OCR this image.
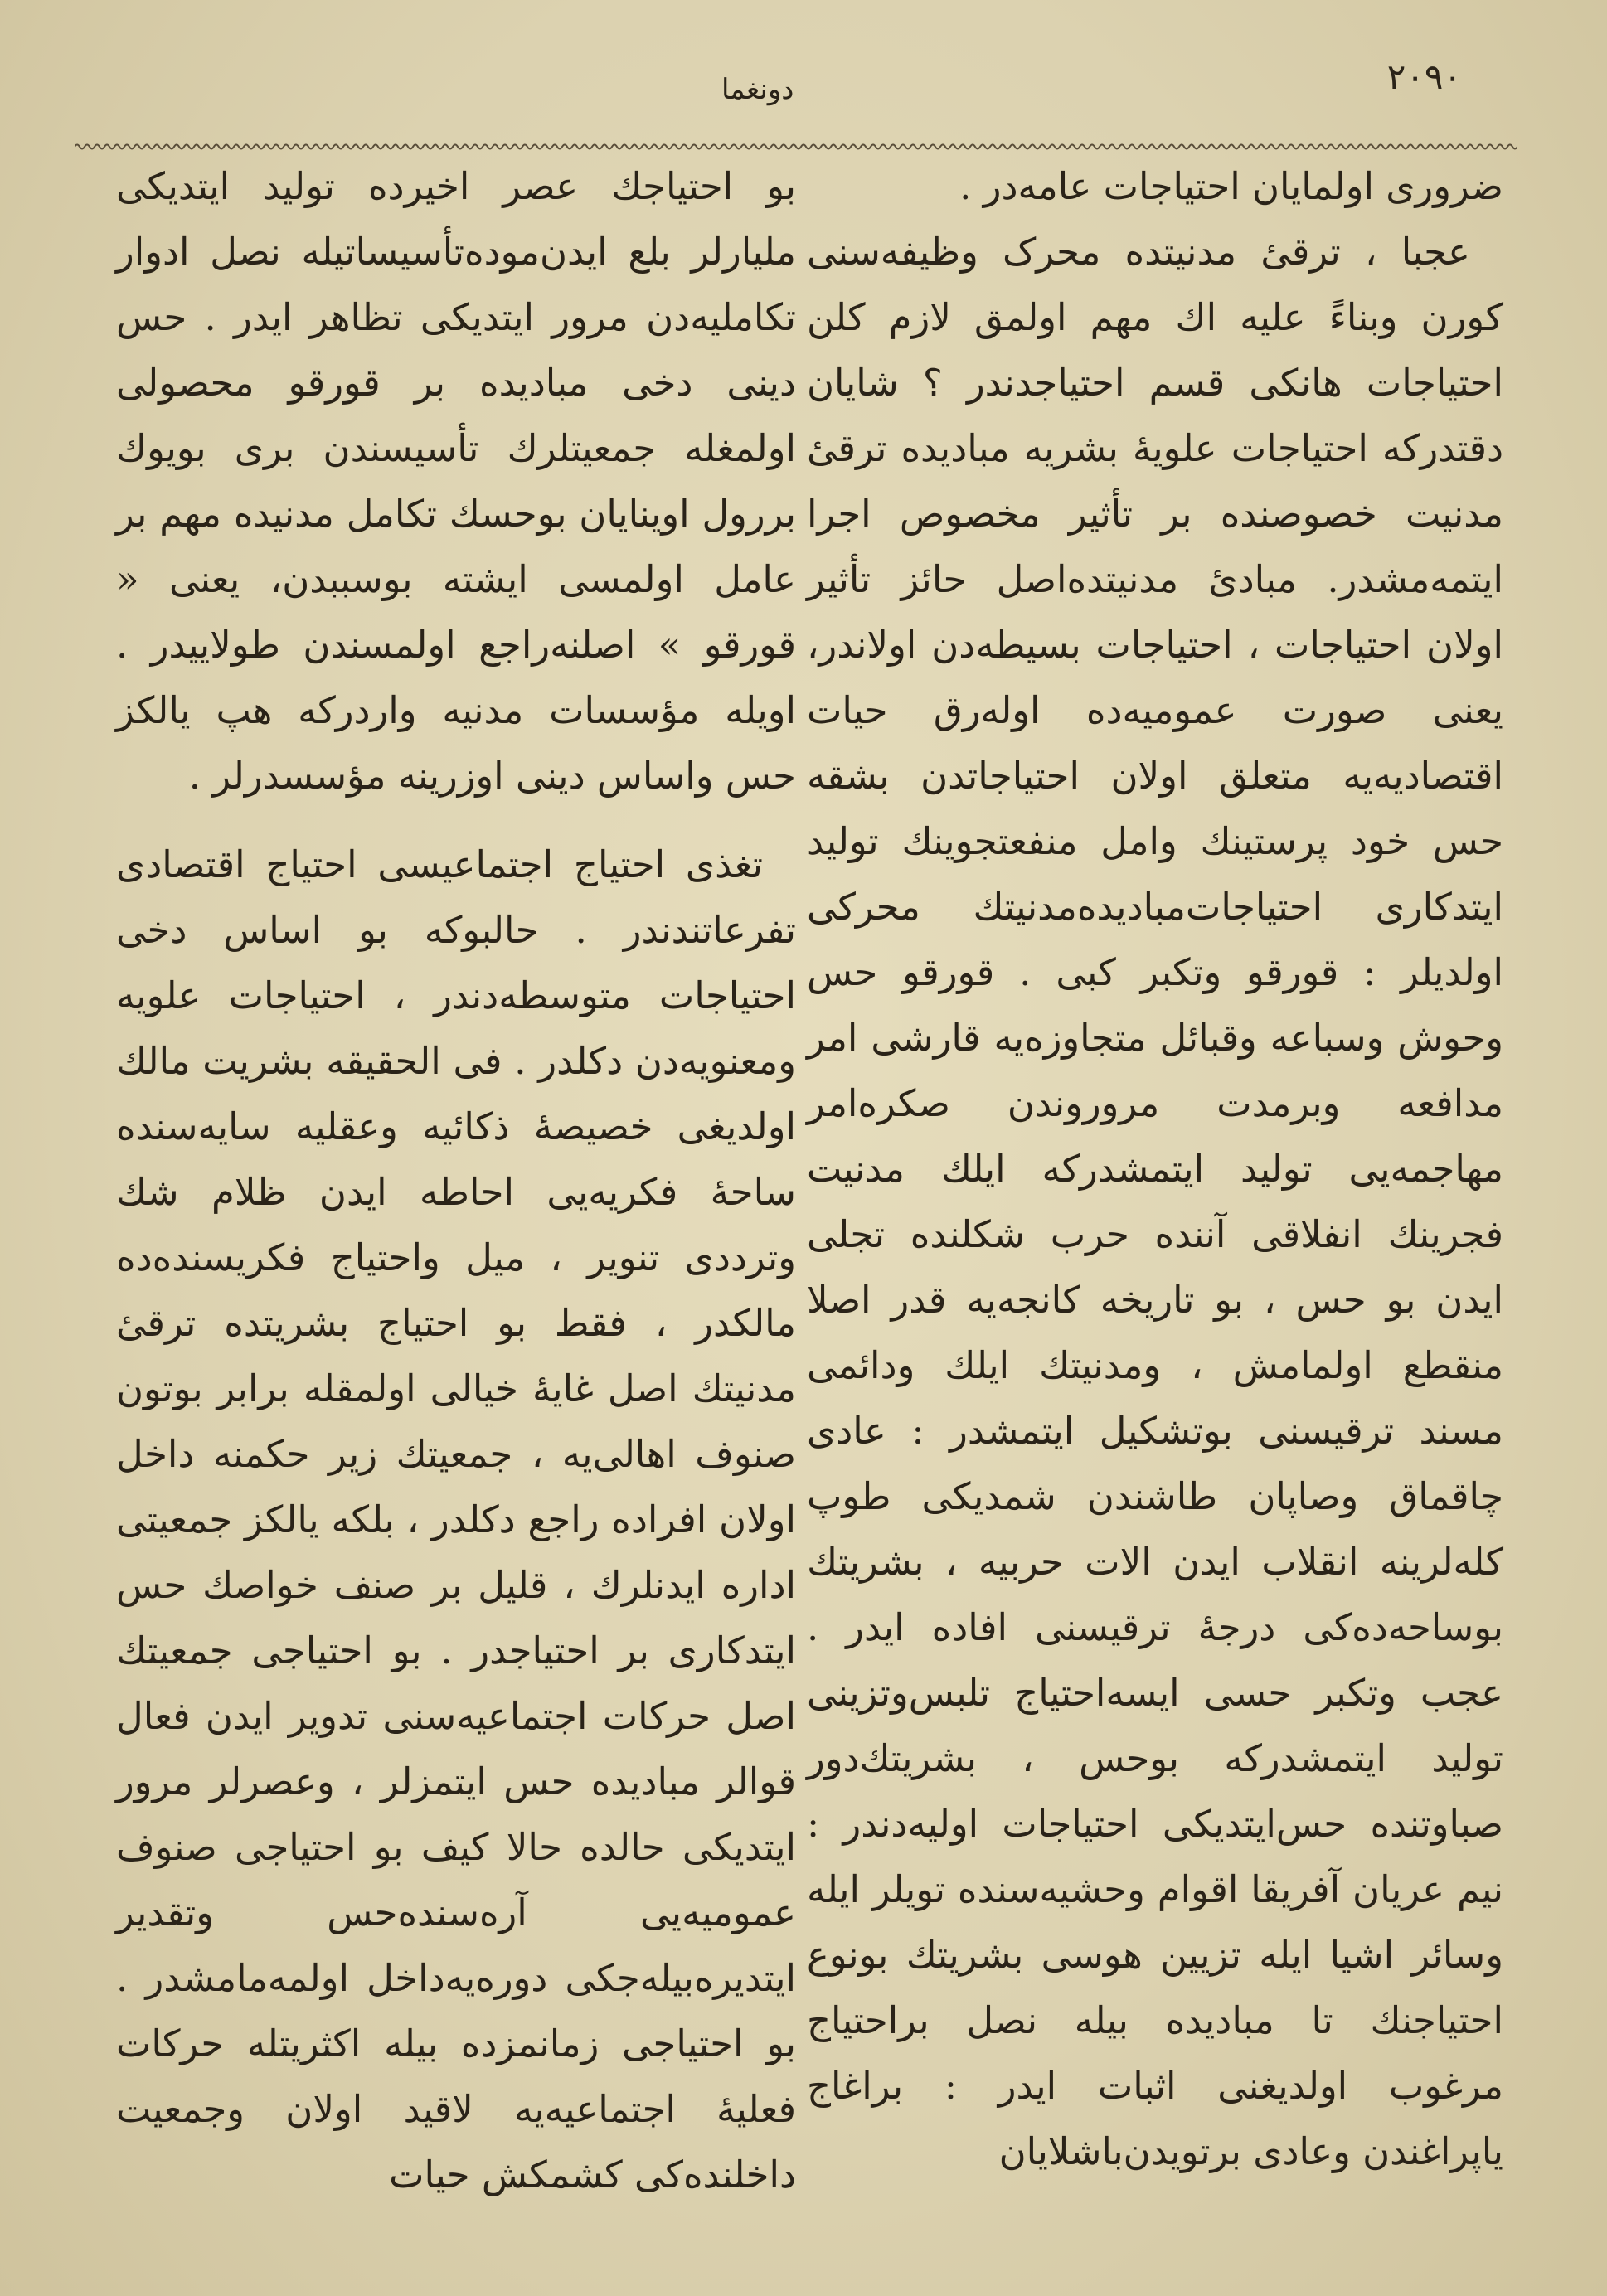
۲۰۹۰
دونغما

ضروری اولمایان احتیاجات عامه‌در .

عجبا ، ترقیٔ مدنیتده محرک وظیفه‌سنی کورن وبناءً علیه اك مهم اولمق لازم کلن احتیاجات هانکی قسم احتیاجدندر ؟ شایان دقتدرکه احتیاجات علویهٔ بشریه مبادیده ترقیٔ مدنیت خصوصنده بر تأثیر مخصوص اجرا ایتمه‌مشدر. مبادیٔ مدنیتده‌اصل حائز تأثیر اولان احتیاجات ، احتیاجات بسیطه‌دن اولاندر، یعنی صورت عمومیه‌ده اوله‌رق حیات اقتصادیه‌یه متعلق اولان احتیاجاتدن بشقه حس خود پرستینك وامل منفعتجوینك تولید ایتدکاری احتیاجات‌مبادیده‌مدنیتك محرکی اولدیلر : قورقو وتکبر کبی . قورقو حس وحوش وسباعه وقبائل متجاوزه‌یه قارشی امر مدافعه وبرمدت مروروندن صکره‌امر مهاجمه‌یی تولید ایتمشدرکه ایلك مدنیت فجرینك انفلاقی آننده حرب شکلنده تجلی ایدن بو حس ، بو تاریخه کانجه‌یه قدر اصلا منقطع اولمامش ، ومدنیتك ایلك ودائمی مسند ترقیسنی بوتشکیل ایتمشدر : عادی چاقماق وصاپان طاشندن شمدیکی طوپ کله‌لرینه انقلاب ایدن الات حربیه ، بشریتك بوساحه‌ده‌کی درجهٔ ترقیسنی افاده ایدر . عجب وتکبر حسی ایسه‌احتیاج تلبس‌وتزینی تولید ایتمشدرکه بوحس ، بشریتك‌دور صباوتنده حس‌ایتدیکی احتیاجات اولیه‌دندر : نیم عریان آفریقا اقوام وحشیه‌سنده تویلر ایله وسائر اشیا ایله تزیین هوسی بشریتك بونوع احتیاجنك تا مبادیده بیله نصل براحتیاج مرغوب اولدیغنی اثبات ایدر : براغاج یاپراغندن وعادی برتویدن‌باشلایان

بو احتیاجك عصر اخیرده تولید ایتدیکی ملیارلر بلع ایدن‌موده‌تأسیساتیله نصل ادوار تکاملیه‌دن مرور ایتدیکی تظاهر ایدر . حس دینی دخی مبادیده بر قورقو محصولی اولمغله جمعیتلرك تأسیسندن بری بویوك بررول اوینایان بوحسك تکامل مدنیده مهم بر عامل اولمسی ایشته بوسببدن، یعنی « قورقو » اصلنه‌راجع اولمسندن طولاییدر . اویله مؤسسات مدنیه واردرکه هپ یالکز حس واساس دینی اوزرینه مؤسسدرلر .

تغذی احتیاج اجتماعیسی احتیاج اقتصادی تفرعاتندندر . حالبوکه بو اساس دخی احتیاجات متوسطه‌دندر ، احتیاجات علویه ومعنویه‌دن دکلدر . فی الحقیقه بشریت مالك اولدیغی خصیصهٔ ذکائیه وعقلیه سایه‌سنده ساحهٔ فکریه‌یی احاطه ایدن ظلام شك وترددی تنویر ، میل واحتیاج فکریسنده‌ده مالکدر ، فقط بو احتیاج بشریتده ترقیٔ مدنیتك اصل غایهٔ خیالی اولمقله برابر بوتون صنوف اهالی‌یه ، جمعیتك زیر حکمنه داخل اولان افراده راجع دکلدر ، بلکه یالکز جمعیتی اداره ایدنلرك ، قلیل بر صنف خواصك حس ایتدکاری بر احتیاجدر . بو احتیاجی جمعیتك اصل حرکات اجتماعیه‌سنی تدویر ایدن فعال قوالر مبادیده حس ایتمزلر ، وعصرلر مرور ایتدیکی حالده حالا کیف بو احتیاجی صنوف عمومیه‌یی آره‌سنده‌حس وتقدیر ایتدیره‌بیله‌جکی دوره‌یه‌داخل اولمه‌مامشدر . بو احتیاجی زمانمزده بیله اکثریتله حرکات فعلیهٔ اجتماعیه‌یه لاقید اولان وجمعیت داخلنده‌کی کشمکش حیات
